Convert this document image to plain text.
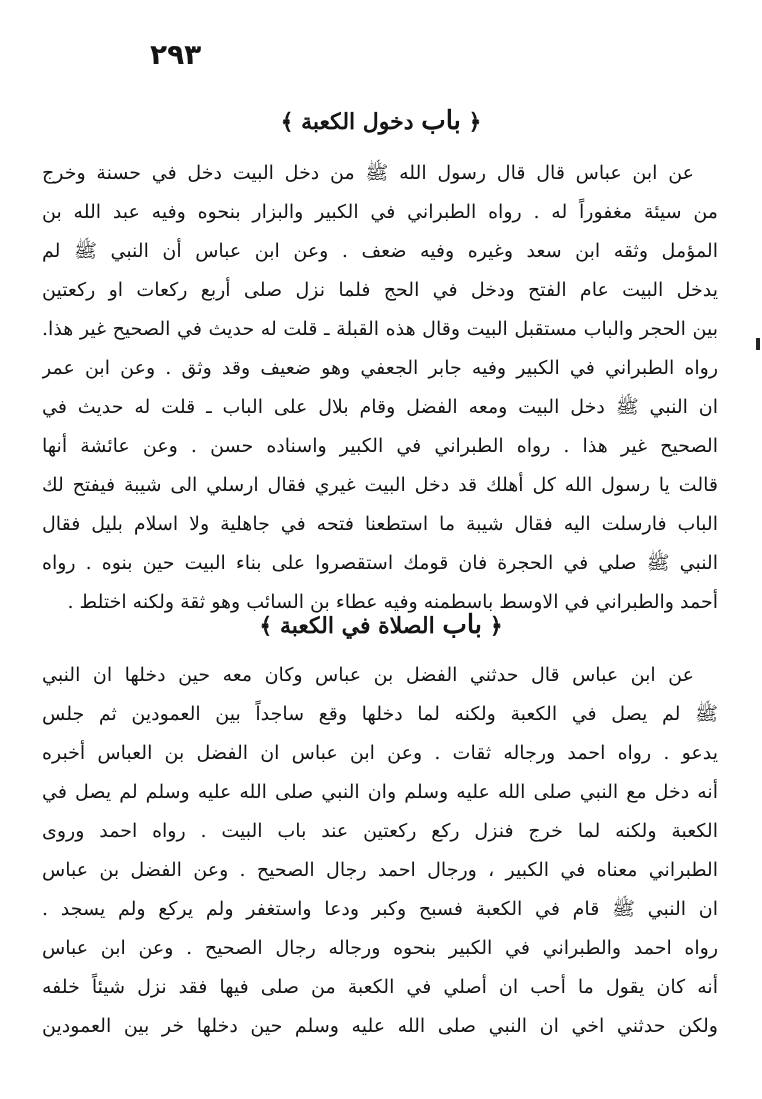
٢٩٣
﴿ باب دخول الكعبة ﴾
عن ابن عباس قال قال رسول الله ﷺ من دخل البيت دخل في حسنة وخرج
من سيئة مغفوراً له . رواه الطبراني في الكبير والبزار بنحوه وفيه عبد الله بن
المؤمل وثقه ابن سعد وغيره وفيه ضعف . وعن ابن عباس أن النبي ﷺ لم
يدخل البيت عام الفتح ودخل في الحج فلما نزل صلى أربع ركعات او ركعتين
بين الحجر والباب مستقبل البيت وقال هذه القبلة ـ قلت له حديث في الصحيح غير هذا.
رواه الطبراني في الكبير وفيه جابر الجعفي وهو ضعيف وقد وثق . وعن ابن عمر
ان النبي ﷺ دخل البيت ومعه الفضل وقام بلال على الباب ـ قلت له حديث في
الصحيح غير هذا . رواه الطبراني في الكبير واسناده حسن . وعن عائشة أنها
قالت يا رسول الله كل أهلك قد دخل البيت غيري فقال ارسلي الى شيبة فيفتح لك
الباب فارسلت اليه فقال شيبة ما استطعنا فتحه في جاهلية ولا اسلام بليل فقال
النبي ﷺ صلي في الحجرة فان قومك استقصروا على بناء البيت حين بنوه . رواه
أحمد والطبراني في الاوسط باسطمنه وفيه عطاء بن السائب وهو ثقة ولكنه اختلط .
﴿ باب الصلاة في الكعبة ﴾
عن ابن عباس قال حدثني الفضل بن عباس وكان معه حين دخلها ان النبي
ﷺ لم يصل في الكعبة ولكنه لما دخلها وقع ساجداً بين العمودين ثم جلس
يدعو . رواه احمد ورجاله ثقات . وعن ابن عباس ان الفضل بن العباس أخبره
أنه دخل مع النبي صلى الله عليه وسلم وان النبي صلى الله عليه وسلم لم يصل في
الكعبة ولكنه لما خرج فنزل ركع ركعتين عند باب البيت . رواه احمد وروى
الطبراني معناه في الكبير ، ورجال احمد رجال الصحيح . وعن الفضل بن عباس
ان النبي ﷺ قام في الكعبة فسبح وكبر ودعا واستغفر ولم يركع ولم يسجد .
رواه احمد والطبراني في الكبير بنحوه ورجاله رجال الصحيح . وعن ابن عباس
أنه كان يقول ما أحب ان أصلي في الكعبة من صلى فيها فقد نزل شيئاً خلفه
ولكن حدثني اخي ان النبي صلى الله عليه وسلم حين دخلها خر بين العمودين
